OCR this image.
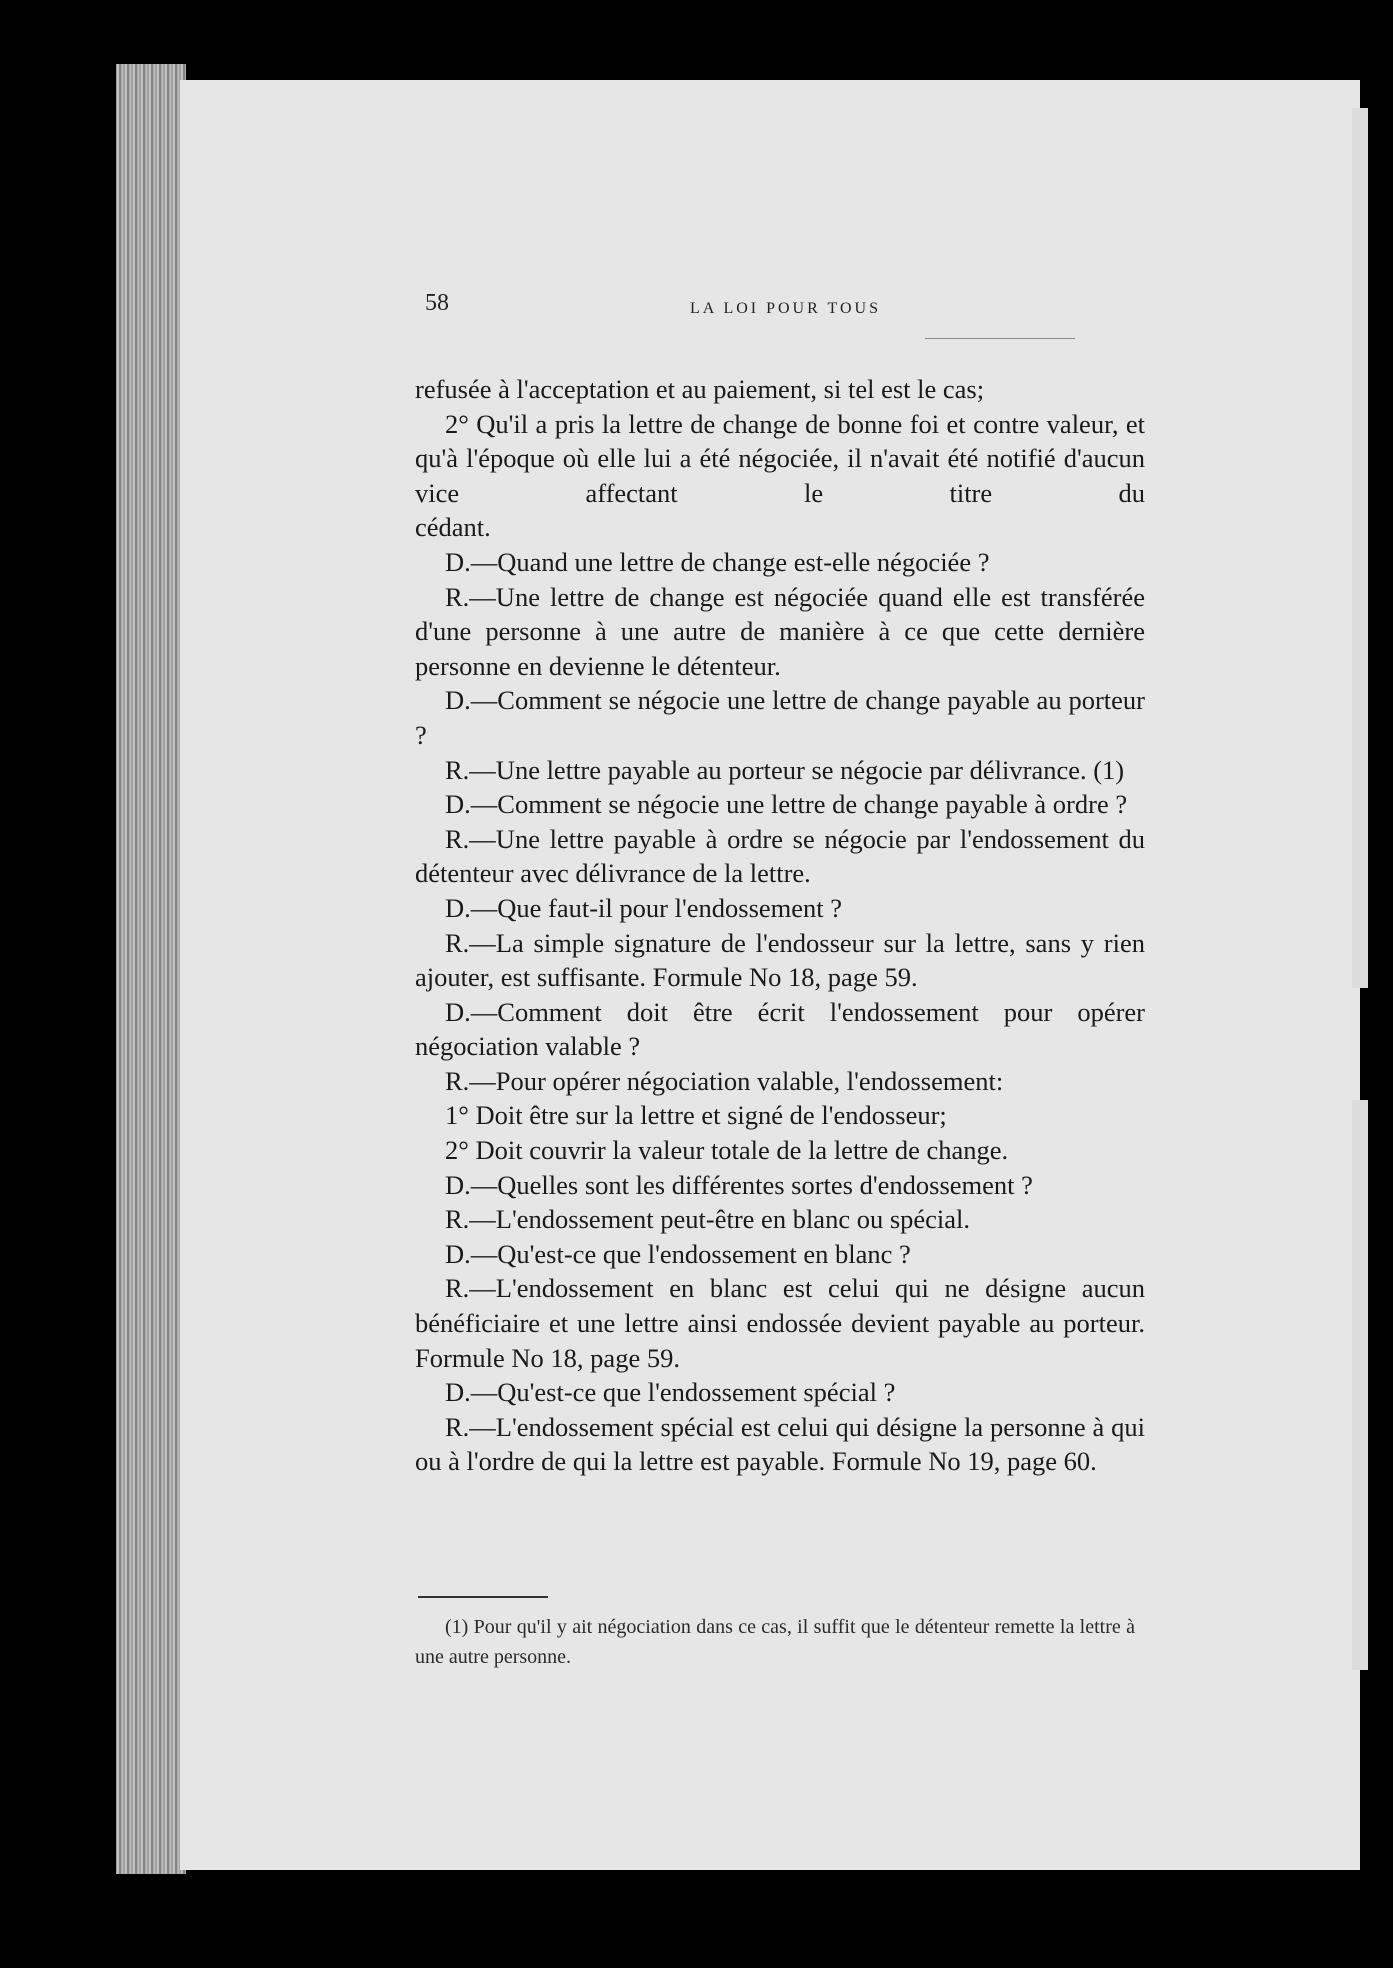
58	LA LOI POUR TOUS

refusée à l'acceptation et au paiement, si tel est le cas;

2° Qu'il a pris la lettre de change de bonne foi et contre valeur, et qu'à l'époque où elle lui a été négociée, il n'avait été notifié d'aucun vice affectant le titre du

cédant.

D.—Quand une lettre de change est-elle négociée ?

R.—Une lettre de change est négociée quand elle est transférée d'une personne à une autre de manière à ce que cette dernière personne en devienne le détenteur.

D.—Comment se négocie une lettre de change payable au porteur ?

R.—Une lettre payable au porteur se négocie par délivrance. (1)

D.—Comment se négocie une lettre de change payable à ordre ?

R.—Une lettre payable à ordre se négocie par l'endossement du détenteur avec délivrance de la lettre.

D.—Que faut-il pour l'endossement ?

R.—La simple signature de l'endosseur sur la lettre, sans y rien ajouter, est suffisante. Formule No 18, page 59.

D.—Comment doit être écrit l'endossement pour opérer négociation valable ?

R.—Pour opérer négociation valable, l'endossement:

1° Doit être sur la lettre et signé de l'endosseur;

2° Doit couvrir la valeur totale de la lettre de change.

D.—Quelles sont les différentes sortes d'endossement ?

R.—L'endossement peut-être en blanc ou spécial.

D.—Qu'est-ce que l'endossement en blanc ?

R.—L'endossement en blanc est celui qui ne désigne aucun bénéficiaire et une lettre ainsi endossée devient payable au porteur. Formule No 18, page 59.

D.—Qu'est-ce que l'endossement spécial ?

R.—L'endossement spécial est celui qui désigne la personne à qui ou à l'ordre de qui la lettre est payable. Formule No 19, page 60.

(1) Pour qu'il y ait négociation dans ce cas, il suffit que le détenteur remette la lettre à une autre personne.
